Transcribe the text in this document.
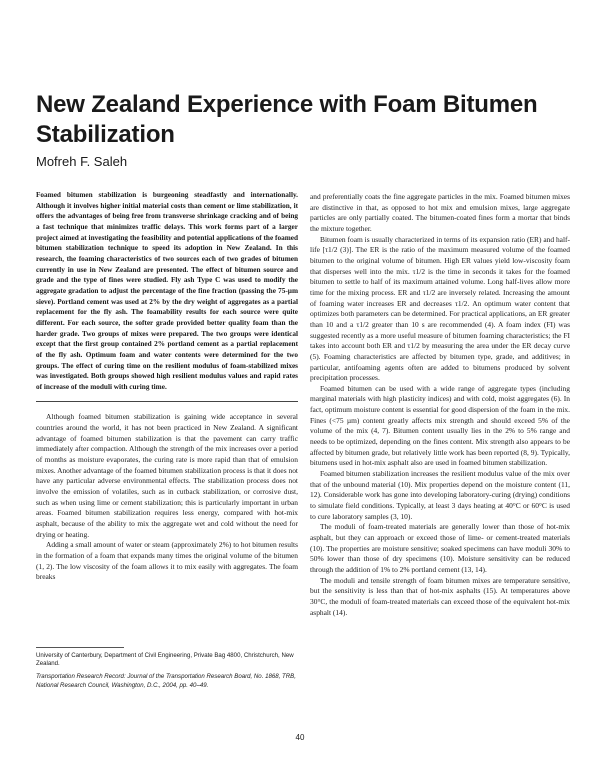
New Zealand Experience with Foam Bitumen Stabilization
Mofreh F. Saleh

Foamed bitumen stabilization is burgeoning steadfastly and internationally. Although it involves higher initial material costs than cement or lime stabilization, it offers the advantages of being free from transverse shrinkage cracking and of being a fast technique that minimizes traffic delays. This work forms part of a larger project aimed at investigating the feasibility and potential applications of the foamed bitumen stabilization technique to speed its adoption in New Zealand. In this research, the foaming characteristics of two sources each of two grades of bitumen currently in use in New Zealand are presented. The effect of bitumen source and grade and the type of fines were studied. Fly ash Type C was used to modify the aggregate gradation to adjust the percentage of the fine fraction (passing the 75-µm sieve). Portland cement was used at 2% by the dry weight of aggregates as a partial replacement for the fly ash. The foamability results for each source were quite different. For each source, the softer grade provided better quality foam than the harder grade. Two groups of mixes were prepared. The two groups were identical except that the first group contained 2% portland cement as a partial replacement of the fly ash. Optimum foam and water contents were determined for the two groups. The effect of curing time on the resilient modulus of foam-stabilized mixes was investigated. Both groups showed high resilient modulus values and rapid rates of increase of the moduli with curing time.

Although foamed bitumen stabilization is gaining wide acceptance in several countries around the world, it has not been practiced in New Zealand. A significant advantage of foamed bitumen stabilization is that the pavement can carry traffic immediately after compaction. Although the strength of the mix increases over a period of months as moisture evaporates, the curing rate is more rapid than that of emulsion mixes. Another advantage of the foamed bitumen stabilization process is that it does not have any particular adverse environmental effects. The stabilization process does not involve the emission of volatiles, such as in cutback stabilization, or corrosive dust, such as when using lime or cement stabilization; this is particularly important in urban areas. Foamed bitumen stabilization requires less energy, compared with hot-mix asphalt, because of the ability to mix the aggregate wet and cold without the need for drying or heating.

Adding a small amount of water or steam (approximately 2%) to hot bitumen results in the formation of a foam that expands many times the original volume of the bitumen (1, 2). The low viscosity of the foam allows it to mix easily with aggregates. The foam breaks

and preferentially coats the fine aggregate particles in the mix. Foamed bitumen mixes are distinctive in that, as opposed to hot mix and emulsion mixes, large aggregate particles are only partially coated. The bitumen-coated fines form a mortar that binds the mixture together.

Bitumen foam is usually characterized in terms of its expansion ratio (ER) and half-life [τ1/2 (3)]. The ER is the ratio of the maximum measured volume of the foamed bitumen to the original volume of bitumen. High ER values yield low-viscosity foam that disperses well into the mix. τ1/2 is the time in seconds it takes for the foamed bitumen to settle to half of its maximum attained volume. Long half-lives allow more time for the mixing process. ER and τ1/2 are inversely related. Increasing the amount of foaming water increases ER and decreases τ1/2. An optimum water content that optimizes both parameters can be determined. For practical applications, an ER greater than 10 and a τ1/2 greater than 10 s are recommended (4). A foam index (FI) was suggested recently as a more useful measure of bitumen foaming characteristics; the FI takes into account both ER and τ1/2 by measuring the area under the ER decay curve (5). Foaming characteristics are affected by bitumen type, grade, and additives; in particular, antifoaming agents often are added to bitumens produced by solvent precipitation processes.

Foamed bitumen can be used with a wide range of aggregate types (including marginal materials with high plasticity indices) and with cold, moist aggregates (6). In fact, optimum moisture content is essential for good dispersion of the foam in the mix. Fines (<75 µm) content greatly affects mix strength and should exceed 5% of the volume of the mix (4, 7). Bitumen content usually lies in the 2% to 5% range and needs to be optimized, depending on the fines content. Mix strength also appears to be affected by bitumen grade, but relatively little work has been reported (8, 9). Typically, bitumens used in hot-mix asphalt also are used in foamed bitumen stabilization.

Foamed bitumen stabilization increases the resilient modulus value of the mix over that of the unbound material (10). Mix properties depend on the moisture content (11, 12). Considerable work has gone into developing laboratory-curing (drying) conditions to simulate field conditions. Typically, at least 3 days heating at 40°C or 60°C is used to cure laboratory samples (3, 10).

The moduli of foam-treated materials are generally lower than those of hot-mix asphalt, but they can approach or exceed those of lime- or cement-treated materials (10). The properties are moisture sensitive; soaked specimens can have moduli 30% to 50% lower than those of dry specimens (10). Moisture sensitivity can be reduced through the addition of 1% to 2% portland cement (13, 14).

The moduli and tensile strength of foam bitumen mixes are temperature sensitive, but the sensitivity is less than that of hot-mix asphalts (15). At temperatures above 30°C, the moduli of foam-treated materials can exceed those of the equivalent hot-mix asphalt (14).

University of Canterbury, Department of Civil Engineering, Private Bag 4800, Christchurch, New Zealand.

Transportation Research Record: Journal of the Transportation Research Board, No. 1868, TRB, National Research Council, Washington, D.C., 2004, pp. 40–49.

40
